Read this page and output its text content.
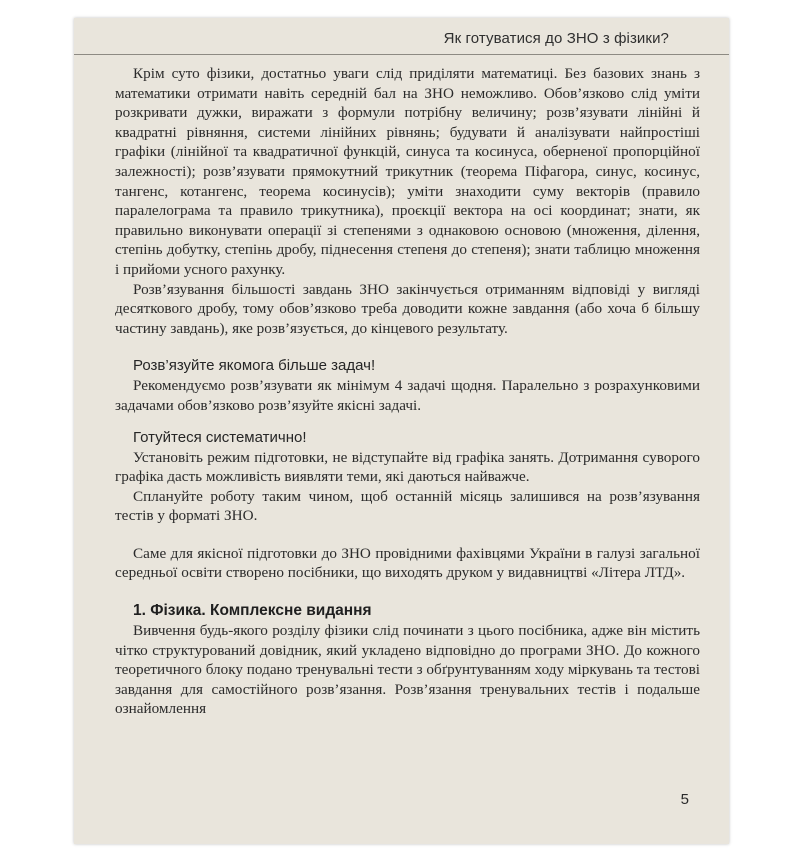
Як готуватися до ЗНО з фізики?

Крім суто фізики, достатньо уваги слід приділяти математиці. Без базових знань з математики отримати навіть середній бал на ЗНО неможливо. Обов’язково слід уміти розкривати дужки, виражати з формули потрібну величину; розв’язувати лінійні й квадратні рівняння, системи лінійних рівнянь; будувати й аналізувати найпростіші графіки (лінійної та квадратичної функцій, синуса та косинуса, оберненої пропорційної залежності); розв’язувати прямокутний трикутник (теорема Піфагора, синус, косинус, тангенс, котангенс, теорема косинусів); уміти знаходити суму векторів (правило паралелограма та правило трикутника), проєкції вектора на осі координат; знати, як правильно виконувати операції зі степенями з однаковою основою (множення, ділення, степінь добутку, степінь дробу, піднесення степеня до степеня); знати таблицю множення і прийоми усного рахунку.

Розв’язування більшості завдань ЗНО закінчується отриманням відповіді у вигляді десяткового дробу, тому обов’язково треба доводити кожне завдання (або хоча б більшу частину завдань), яке розв’язується, до кінцевого результату.

Розв’язуйте якомога більше задач!

Рекомендуємо розв’язувати як мінімум 4 задачі щодня. Паралельно з розрахунковими задачами обов’язково розв’язуйте якісні задачі.

Готуйтеся систематично!

Установіть режим підготовки, не відступайте від графіка занять. Дотримання суворого графіка дасть можливість виявляти теми, які даються найважче.

Сплануйте роботу таким чином, щоб останній місяць залишився на розв’язування тестів у форматі ЗНО.

Саме для якісної підготовки до ЗНО провідними фахівцями України в галузі загальної середньої освіти створено посібники, що виходять друком у видавництві «Літера ЛТД».

1. Фізика. Комплексне видання

Вивчення будь-якого розділу фізики слід починати з цього посібника, адже він містить чітко структурований довідник, який укладено відповідно до програми ЗНО. До кожного теоретичного блоку подано тренувальні тести з обґрунтуванням ходу міркувань та тестові завдання для самостійного розв’язання. Розв’язання тренувальних тестів і подальше ознайомлення

5
